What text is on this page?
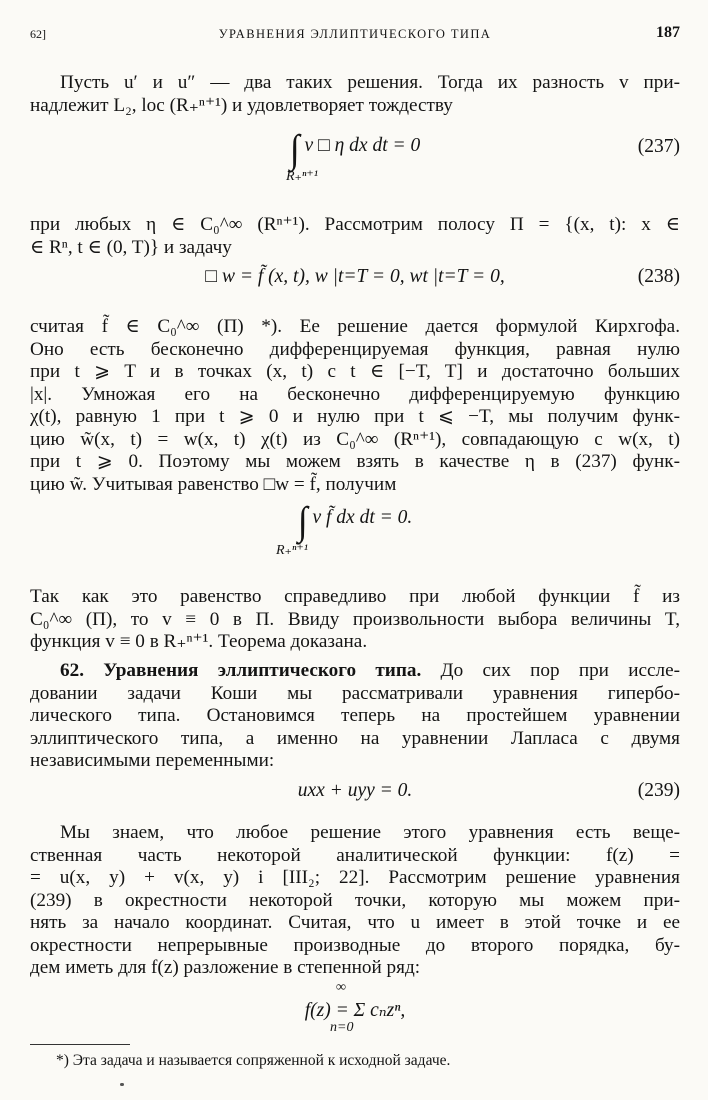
62]	УРАВНЕНИЯ ЭЛЛИПТИЧЕСКОГО ТИПА	187
Пусть u′ и u″ — два таких решения. Тогда их разность v при-
надлежит L₂, loc (R₊ⁿ⁺¹) и удовлетворяет тождеству
∫ v □ η dx dt = 0
R₊ⁿ⁺¹
(237)
при любых η ∈ C₀^∞ (Rⁿ⁺¹). Рассмотрим полосу Π = {(x, t): x ∈
∈ Rⁿ, t ∈ (0, T)} и задачу
□ w = f̃ (x, t), w |t=T = 0, wt |t=T = 0,	(238)
считая f̃ ∈ C₀^∞ (Π) *). Ее решение дается формулой Кирхгофа.
Оно есть бесконечно дифференцируемая функция, равная нулю
при t ⩾ T и в точках (x, t) с t ∈ [−T, T] и достаточно больших
|x|. Умножая его на бесконечно дифференцируемую функцию
χ(t), равную 1 при t ⩾ 0 и нулю при t ⩽ −T, мы получим функ-
цию w̃(x, t) = w(x, t) χ(t) из C₀^∞ (Rⁿ⁺¹), совпадающую с w(x, t)
при t ⩾ 0. Поэтому мы можем взять в качестве η в (237) функ-
цию w̃. Учитывая равенство □w = f̃, получим
∫ v f̃ dx dt = 0.
R₊ⁿ⁺¹
Так как это равенство справедливо при любой функции f̃ из
C₀^∞ (Π), то v ≡ 0 в Π. Ввиду произвольности выбора величины T,
функция v ≡ 0 в R₊ⁿ⁺¹. Теорема доказана.
62. Уравнения эллиптического типа. До сих пор при иссле-
довании задачи Коши мы рассматривали уравнения гипербо-
лического типа. Остановимся теперь на простейшем уравнении
эллиптического типа, а именно на уравнении Лапласа с двумя
независимыми переменными:
uxx + uyy = 0.	(239)
Мы знаем, что любое решение этого уравнения есть веще-
ственная часть некоторой аналитической функции: f(z) =
= u(x, y) + v(x, y) i [III₂; 22]. Рассмотрим решение уравнения
(239) в окрестности некоторой точки, которую мы можем при-
нять за начало координат. Считая, что u имеет в этой точке и ее
окрестности непрерывные производные до второго порядка, бу-
дем иметь для f(z) разложение в степенной ряд:
∞
f(z) = Σ cₙzⁿ,
n=0
*) Эта задача и называется сопряженной к исходной задаче.
